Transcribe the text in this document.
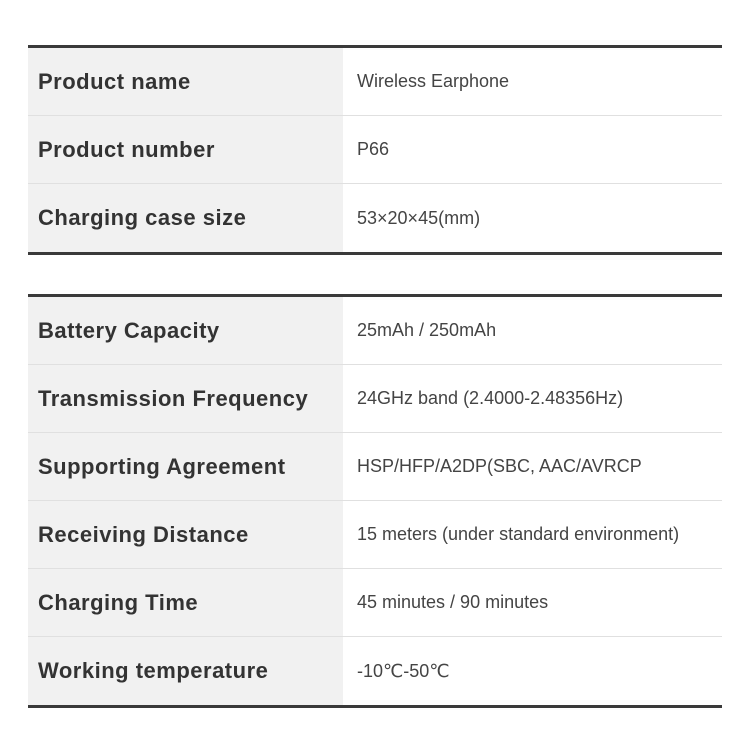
Product name	Wireless Earphone
Product number	P66
Charging case size	53×20×45(mm)
Battery Capacity	25mAh / 250mAh
Transmission Frequency	24GHz band (2.4000-2.48356Hz)
Supporting Agreement	HSP/HFP/A2DP(SBC, AAC/AVRCP
Receiving Distance	15 meters (under standard environment)
Charging Time	45 minutes / 90 minutes
Working temperature	-10℃-50℃
